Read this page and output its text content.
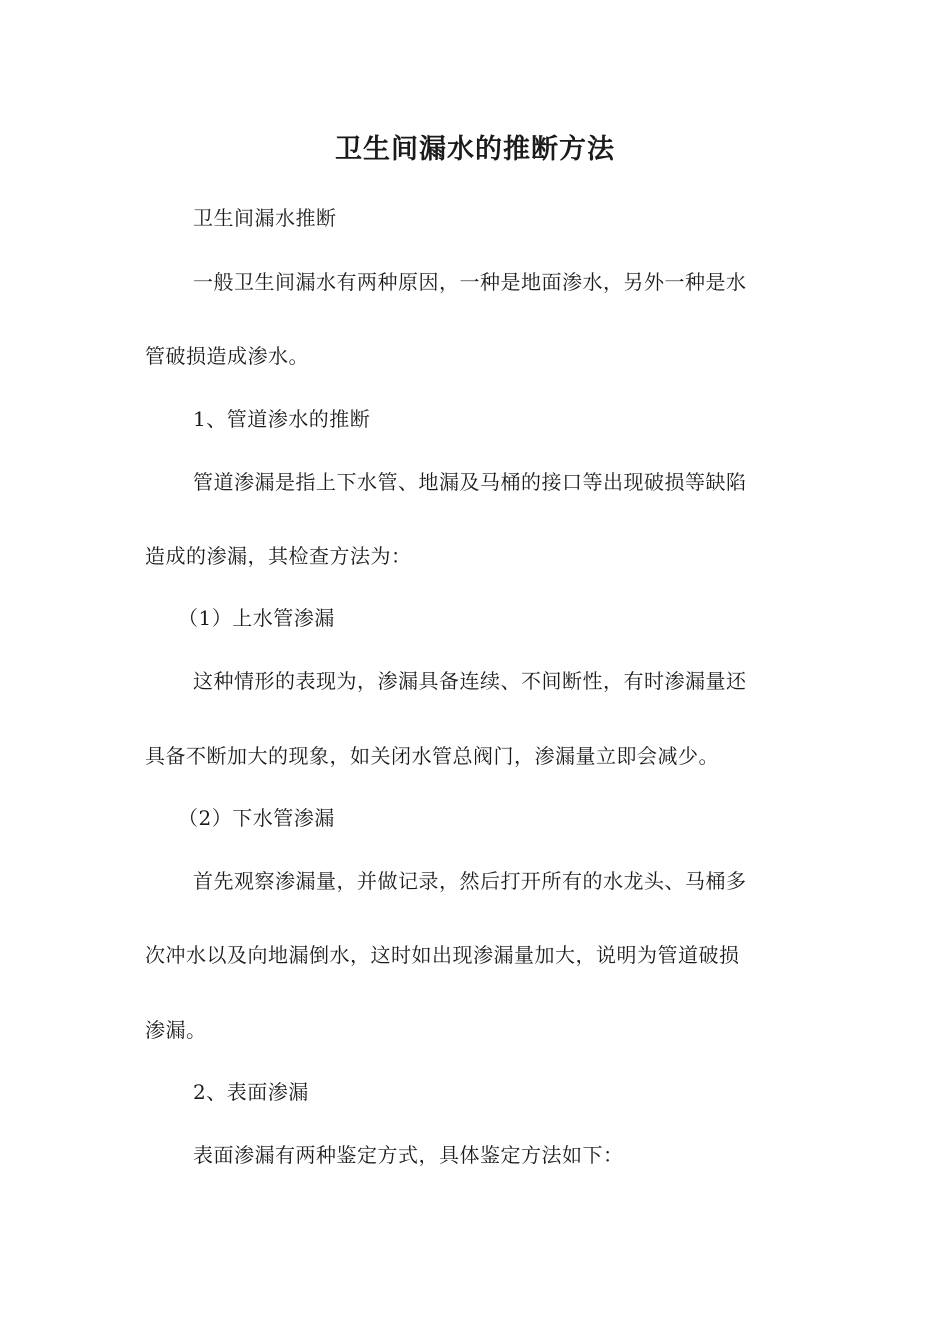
卫生间漏水的推断方法
卫生间漏水推断
一般卫生间漏水有两种原因，一种是地面渗水，另外一种是水
管破损造成渗水。
1、管道渗水的推断
管道渗漏是指上下水管、地漏及马桶的接口等出现破损等缺陷
造成的渗漏，其检查方法为：
（1）上水管渗漏
这种情形的表现为，渗漏具备连续、不间断性，有时渗漏量还
具备不断加大的现象，如关闭水管总阀门，渗漏量立即会减少。
（2）下水管渗漏
首先观察渗漏量，并做记录，然后打开所有的水龙头、马桶多
次冲水以及向地漏倒水，这时如出现渗漏量加大，说明为管道破损
渗漏。
2、表面渗漏
表面渗漏有两种鉴定方式，具体鉴定方法如下：
